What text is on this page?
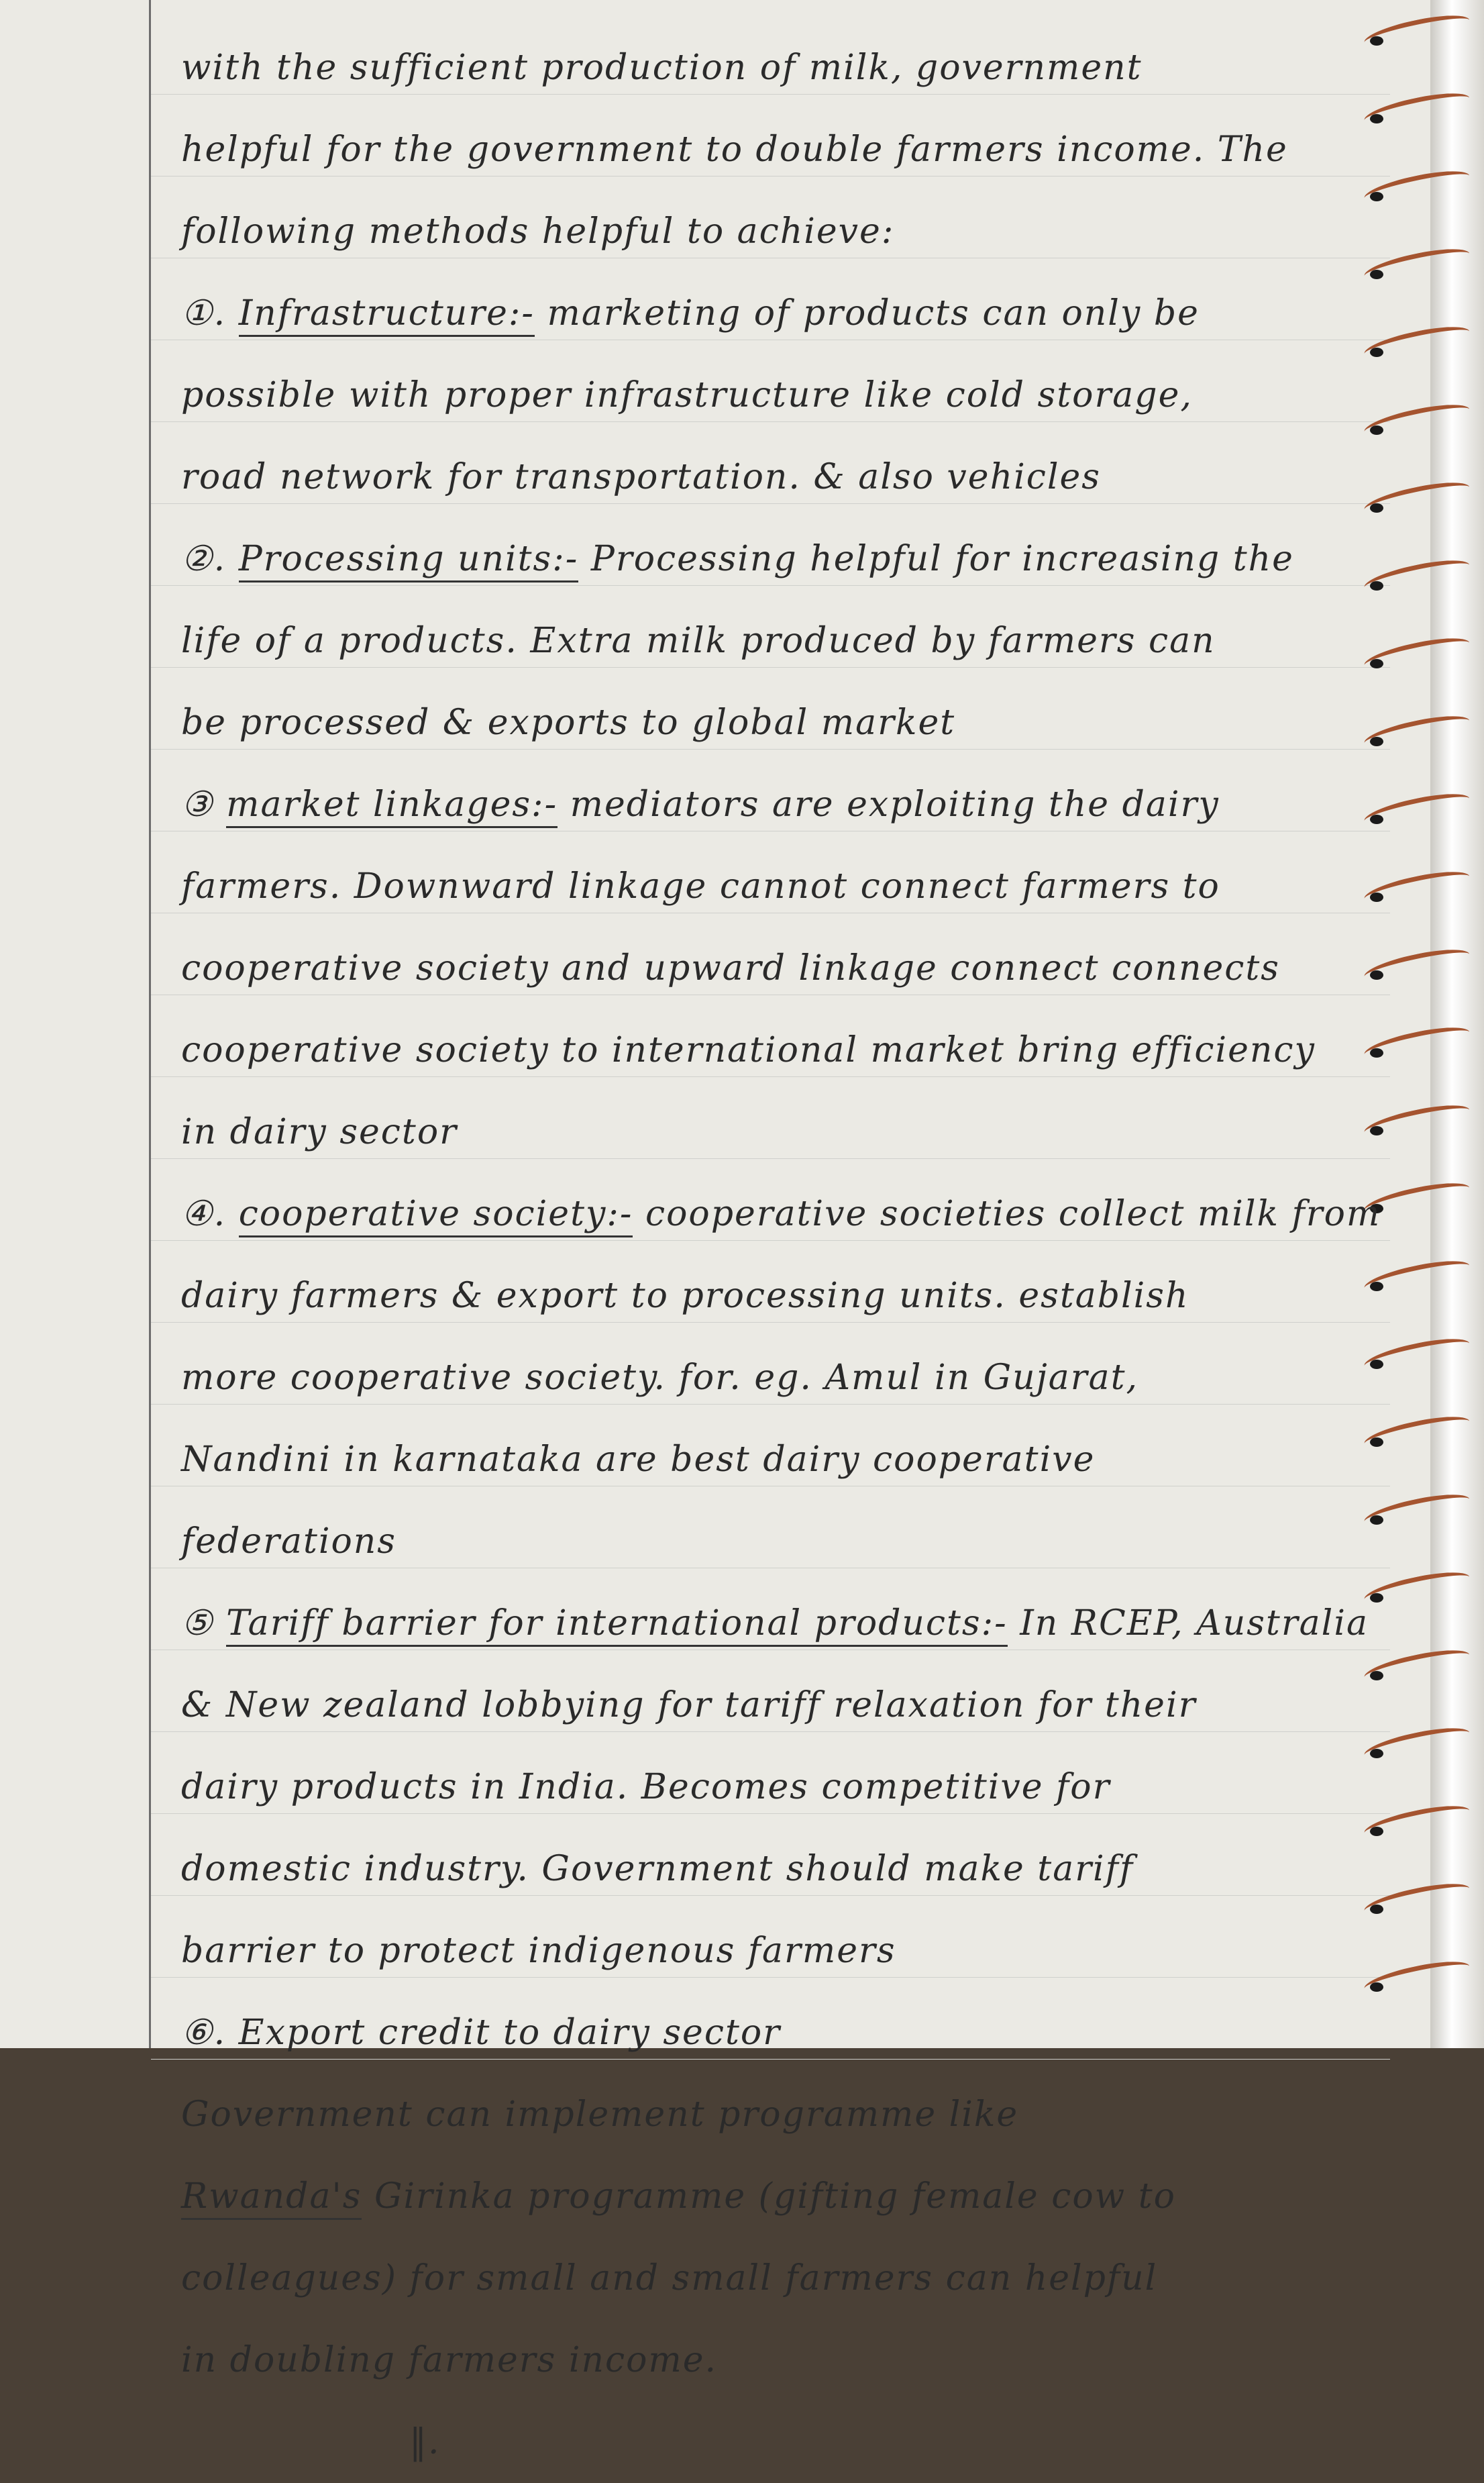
with the sufficient production of milk, government
helpful for the government to double farmers income. The
following methods helpful to achieve:
①. Infrastructure:- marketing of products can only be
possible with proper infrastructure like cold storage,
road network for transportation. & also vehicles
②. Processing units:- Processing helpful for increasing the
life of a products. Extra milk produced by farmers can
be processed & exports to global market
③ market linkages:- mediators are exploiting the dairy
farmers. Downward linkage cannot connect farmers to
cooperative society and upward linkage connect connects
cooperative society to international market bring efficiency
in dairy sector
④. cooperative society:- cooperative societies collect milk from
dairy farmers & export to processing units. establish
more cooperative society. for. eg. Amul in Gujarat,
Nandini in karnataka are best dairy cooperative
federations
⑤ Tariff barrier for international products:- In RCEP, Australia
& New zealand lobbying for tariff relaxation for their
dairy products in India. Becomes competitive for
domestic industry. Government should make tariff
barrier to protect indigenous farmers
⑥. Export credit to dairy sector
Government can implement programme like
Rwanda's Girinka programme (gifting female cow to
colleagues) for small and small farmers can helpful
in doubling farmers income.
‖.
